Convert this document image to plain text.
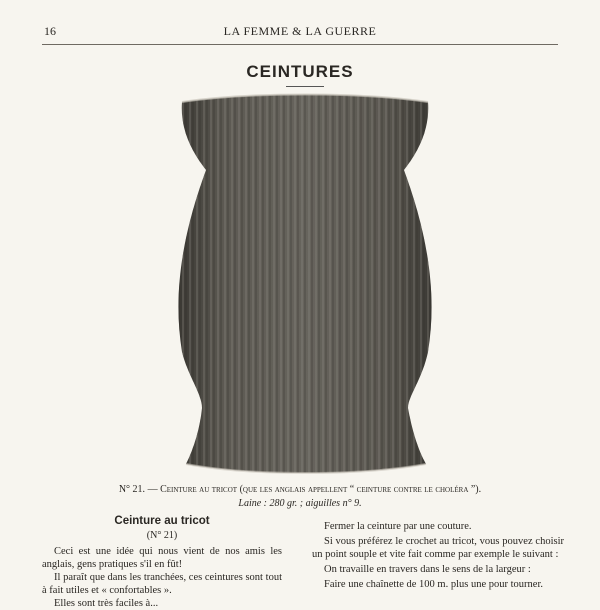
16	LA FEMME & LA GUERRE
CEINTURES
N° 21. — Ceinture au tricot (que les anglais appellent “ ceinture contre le choléra ”).
Laine : 280 gr. ; aiguilles n° 9.
Ceinture au tricot
(N° 21)

Ceci est une idée qui nous vient de nos amis les anglais, gens pratiques s'il en fût!

Il paraît que dans les tranchées, ces ceintures sont tout à fait utiles et « confortables ».

Elles sont très faciles à...

Fermer la ceinture par une couture.

Si vous préférez le crochet au tricot, vous pouvez choisir un point souple et vite fait comme par exemple le suivant :

On travaille en travers dans le sens de la largeur :

Faire une chaînette de 100 m. plus une pour tourner.
